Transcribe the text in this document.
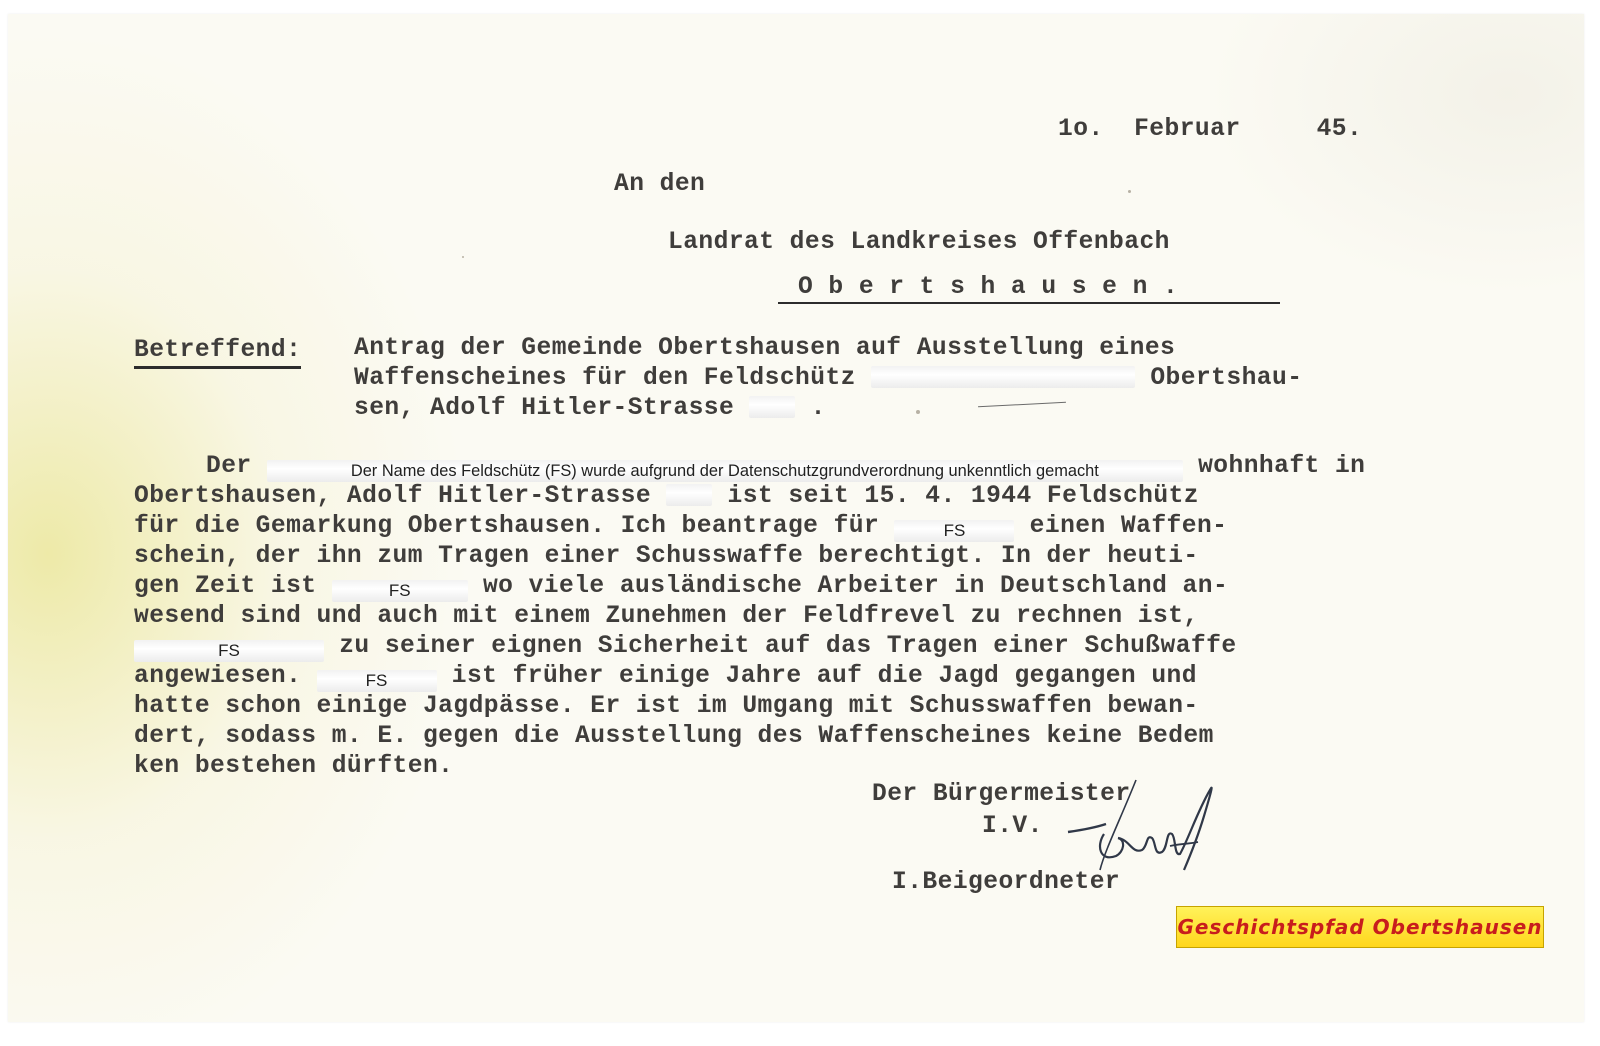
1o. Februar	45.

An den

Landrat des Landkreises Offenbach

O b e r t s h a u s e n .

Betreffend: Antrag der Gemeinde Obertshausen auf Ausstellung eines

Waffenscheines für den Feldschütz	Obertshau-

sen, Adolf Hitler-Strasse	.

Der	Der Name des Feldschütz (FS) wurde aufgrund der Datenschutzgrundverordnung unkenntlich gemacht	wohnhaft in

Obertshausen, Adolf Hitler-Strasse	ist seit 15. 4. 1944 Feldschütz

für die Gemarkung Obertshausen. Ich beantrage für	FS	einen Waffen-

schein, der ihn zum Tragen einer Schusswaffe berechtigt. In der heuti-

gen Zeit ist	FS	wo viele ausländische Arbeiter in Deutschland an-

wesend sind und auch mit einem Zunehmen der Feldfrevel zu rechnen ist,

FS	zu seiner eignen Sicherheit auf das Tragen einer Schußwaffe

angewiesen.	FS	ist früher einige Jahre auf die Jagd gegangen und

hatte schon einige Jagdpässe. Er ist im Umgang mit Schusswaffen bewan-

dert, sodass m. E. gegen die Ausstellung des Waffenscheines keine Bedem

ken bestehen dürften.

Der Bürgermeister

I.V.

I.Beigeordneter

Geschichtspfad Obertshausen
